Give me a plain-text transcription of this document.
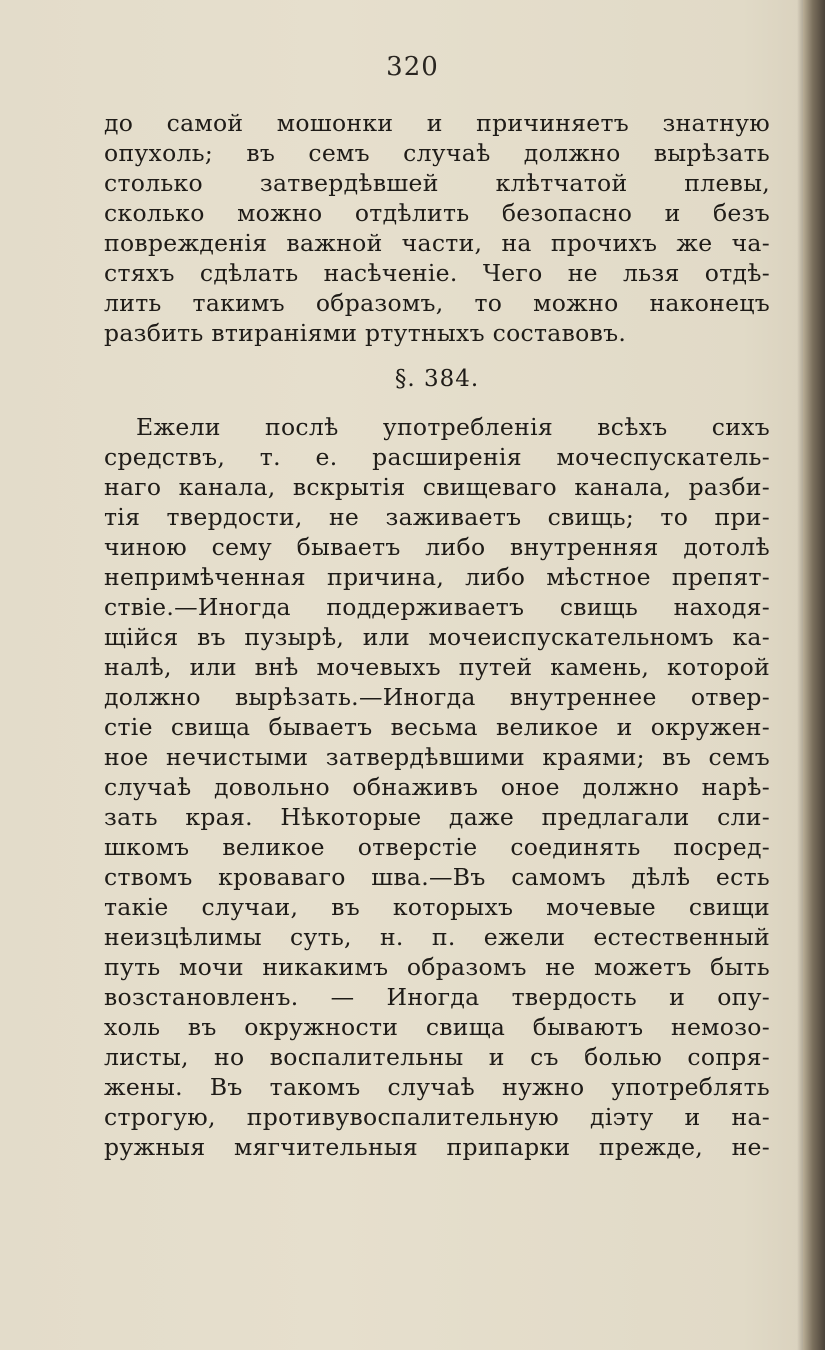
320
до самой мошонки и причиняетъ знатную
опухоль; въ семъ случаѣ должно вырѣзать
столько затвердѣвшей клѣтчатой плевы,
сколько можно отдѣлить безопасно и безъ
поврежденія важной части, на прочихъ же ча-
стяхъ сдѣлать насѣченіе. Чего не льзя отдѣ-
лить такимъ образомъ, то можно наконецъ
разбить втираніями ртутныхъ составовъ.
§. 384.
Ежели послѣ употребленія всѣхъ сихъ
средствъ, т. е. расширенія мочеспускатель-
наго канала, вскрытія свищеваго канала, разби-
тія твердости, не заживаетъ свищь; то при-
чиною сему бываетъ либо внутренняя дотолѣ
непримѣченная причина, либо мѣстное препят-
ствіе.—Иногда поддерживаетъ свищь находя-
щійся въ пузырѣ, или мочеиспускательномъ ка-
налѣ, или внѣ мочевыхъ путей камень, которой
должно вырѣзать.—Иногда внутреннее отвер-
стіе свища бываетъ весьма великое и окружен-
ное нечистыми затвердѣвшими краями; въ семъ
случаѣ довольно обнаживъ оное должно нарѣ-
зать края. Нѣкоторые даже предлагали сли-
шкомъ великое отверстіе соединять посред-
ствомъ кроваваго шва.—Въ самомъ дѣлѣ есть
такіе случаи, въ которыхъ мочевые свищи
неизцѣлимы суть, н. п. ежели естественный
путь мочи никакимъ образомъ не можетъ быть
возстановленъ. — Иногда твердость и опу-
холь въ окружности свища бываютъ немозо-
листы, но воспалительны и съ болью сопря-
жены. Въ такомъ случаѣ нужно употреблять
строгую, противувоспалительную діэту и на-
ружныя мягчительныя припарки прежде, не-
